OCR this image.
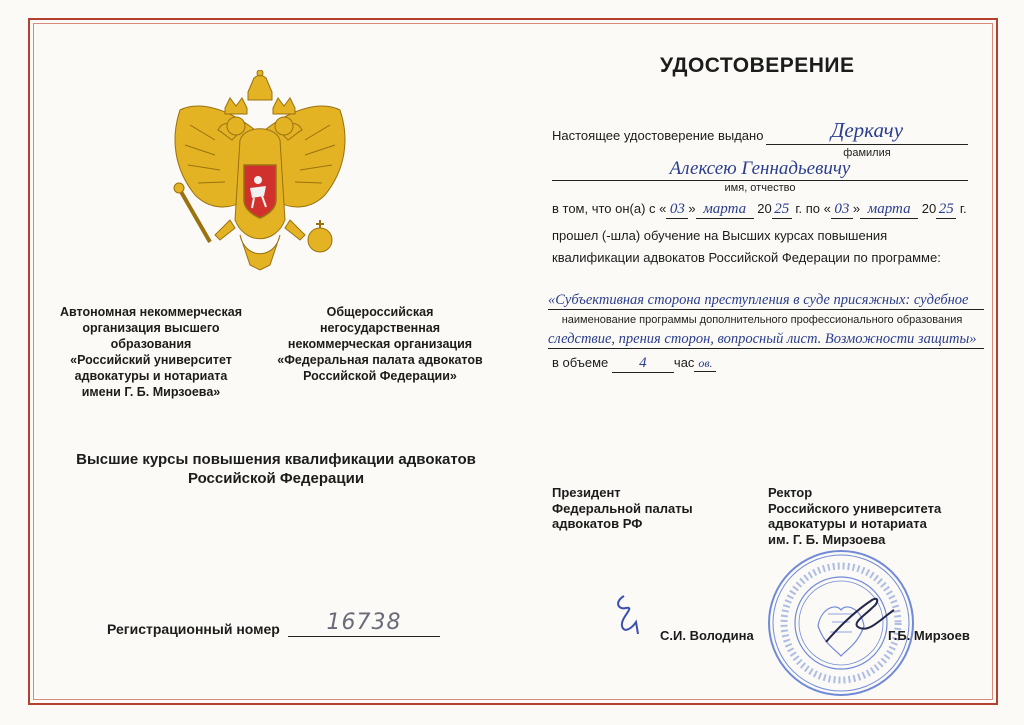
УДОСТОВЕРЕНИЕ
Настоящее удостоверение выдано	Деркачу
фамилия
Алексею Геннадьевичу
имя, отчество
в том, что он(а) с « 03 » марта 20 25 г. по « 03 » марта 20 25 г.
прошел (-шла) обучение на Высших курсах повышения
квалификации адвокатов Российской Федерации по программе:
«Субъективная сторона преступления в суде присяжных: судебное
наименование программы дополнительного профессионального образования
следствие, прения сторон, вопросный лист. Возможности защиты»
в объеме 4 час ов.
Автономная некоммерческая
организация высшего образования
«Российский университет
адвокатуры и нотариата
имени Г. Б. Мирзоева»
Общероссийская негосударственная
некоммерческая организация
«Федеральная палата адвокатов
Российской Федерации»
Высшие курсы повышения квалификации адвокатов
Российской Федерации
Регистрационный номер	16738
Президент
Федеральной палаты
адвокатов РФ
Ректор
Российского университета
адвокатуры и нотариата
им. Г. Б. Мирзоева
С.И. Володина	Г.Б. Мирзоев
